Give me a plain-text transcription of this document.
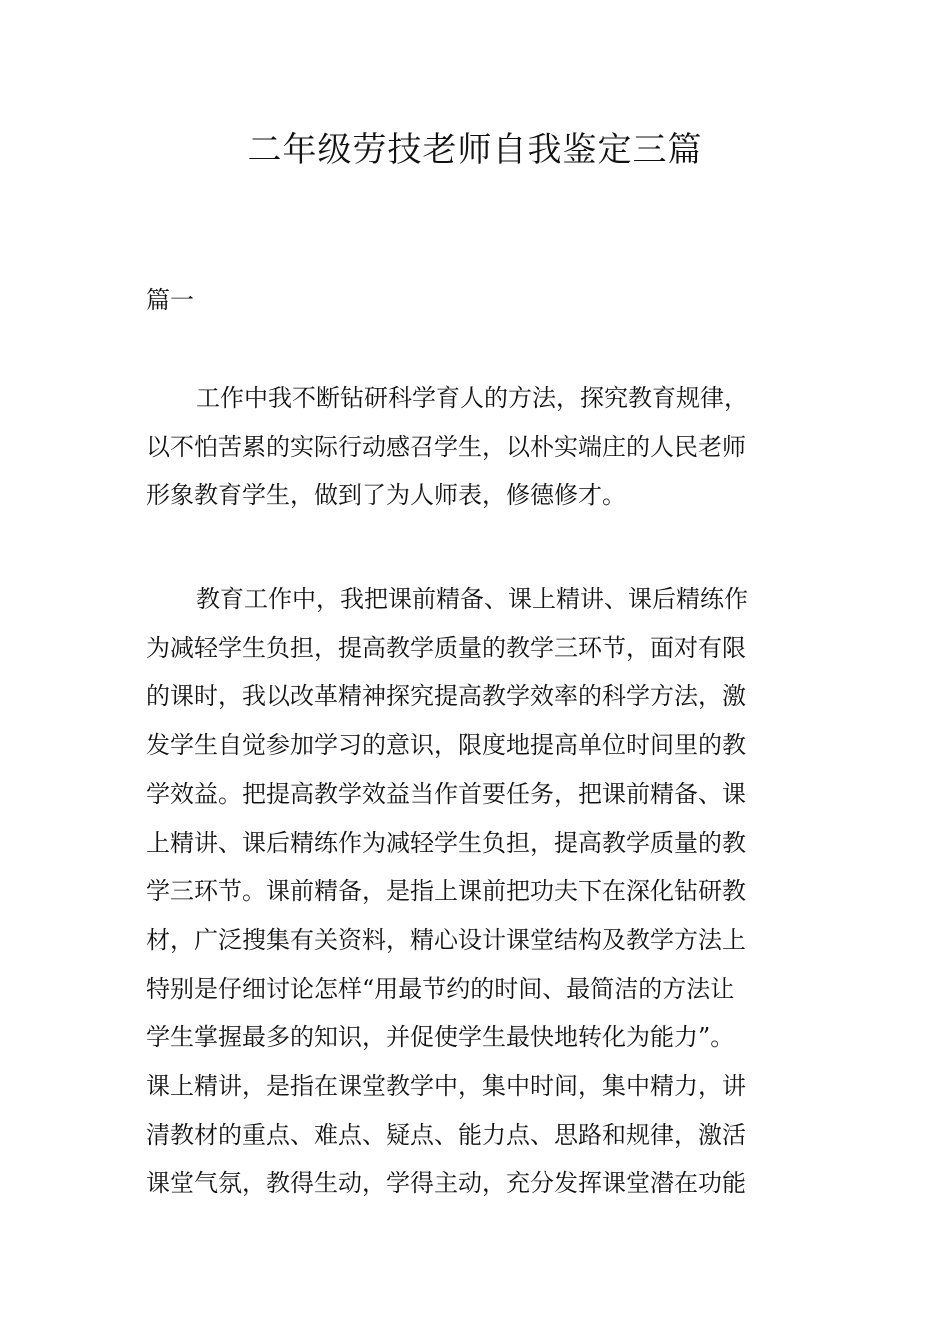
二年级劳技老师自我鉴定三篇

篇一

工作中我不断钻研科学育人的方法，探究教育规律，
以不怕苦累的实际行动感召学生，以朴实端庄的人民老师
形象教育学生，做到了为人师表，修德修才。
教育工作中，我把课前精备、课上精讲、课后精练作
为减轻学生负担，提高教学质量的教学三环节，面对有限
的课时，我以改革精神探究提高教学效率的科学方法，激
发学生自觉参加学习的意识，限度地提高单位时间里的教
学效益。把提高教学效益当作首要任务，把课前精备、课
上精讲、课后精练作为减轻学生负担，提高教学质量的教
学三环节。课前精备，是指上课前把功夫下在深化钻研教
材，广泛搜集有关资料，精心设计课堂结构及教学方法上
特别是仔细讨论怎样“用最节约的时间、最简洁的方法让
学生掌握最多的知识，并促使学生最快地转化为能力”。
课上精讲，是指在课堂教学中，集中时间，集中精力，讲
清教材的重点、难点、疑点、能力点、思路和规律，激活
课堂气氛，教得生动，学得主动，充分发挥课堂潜在功能
